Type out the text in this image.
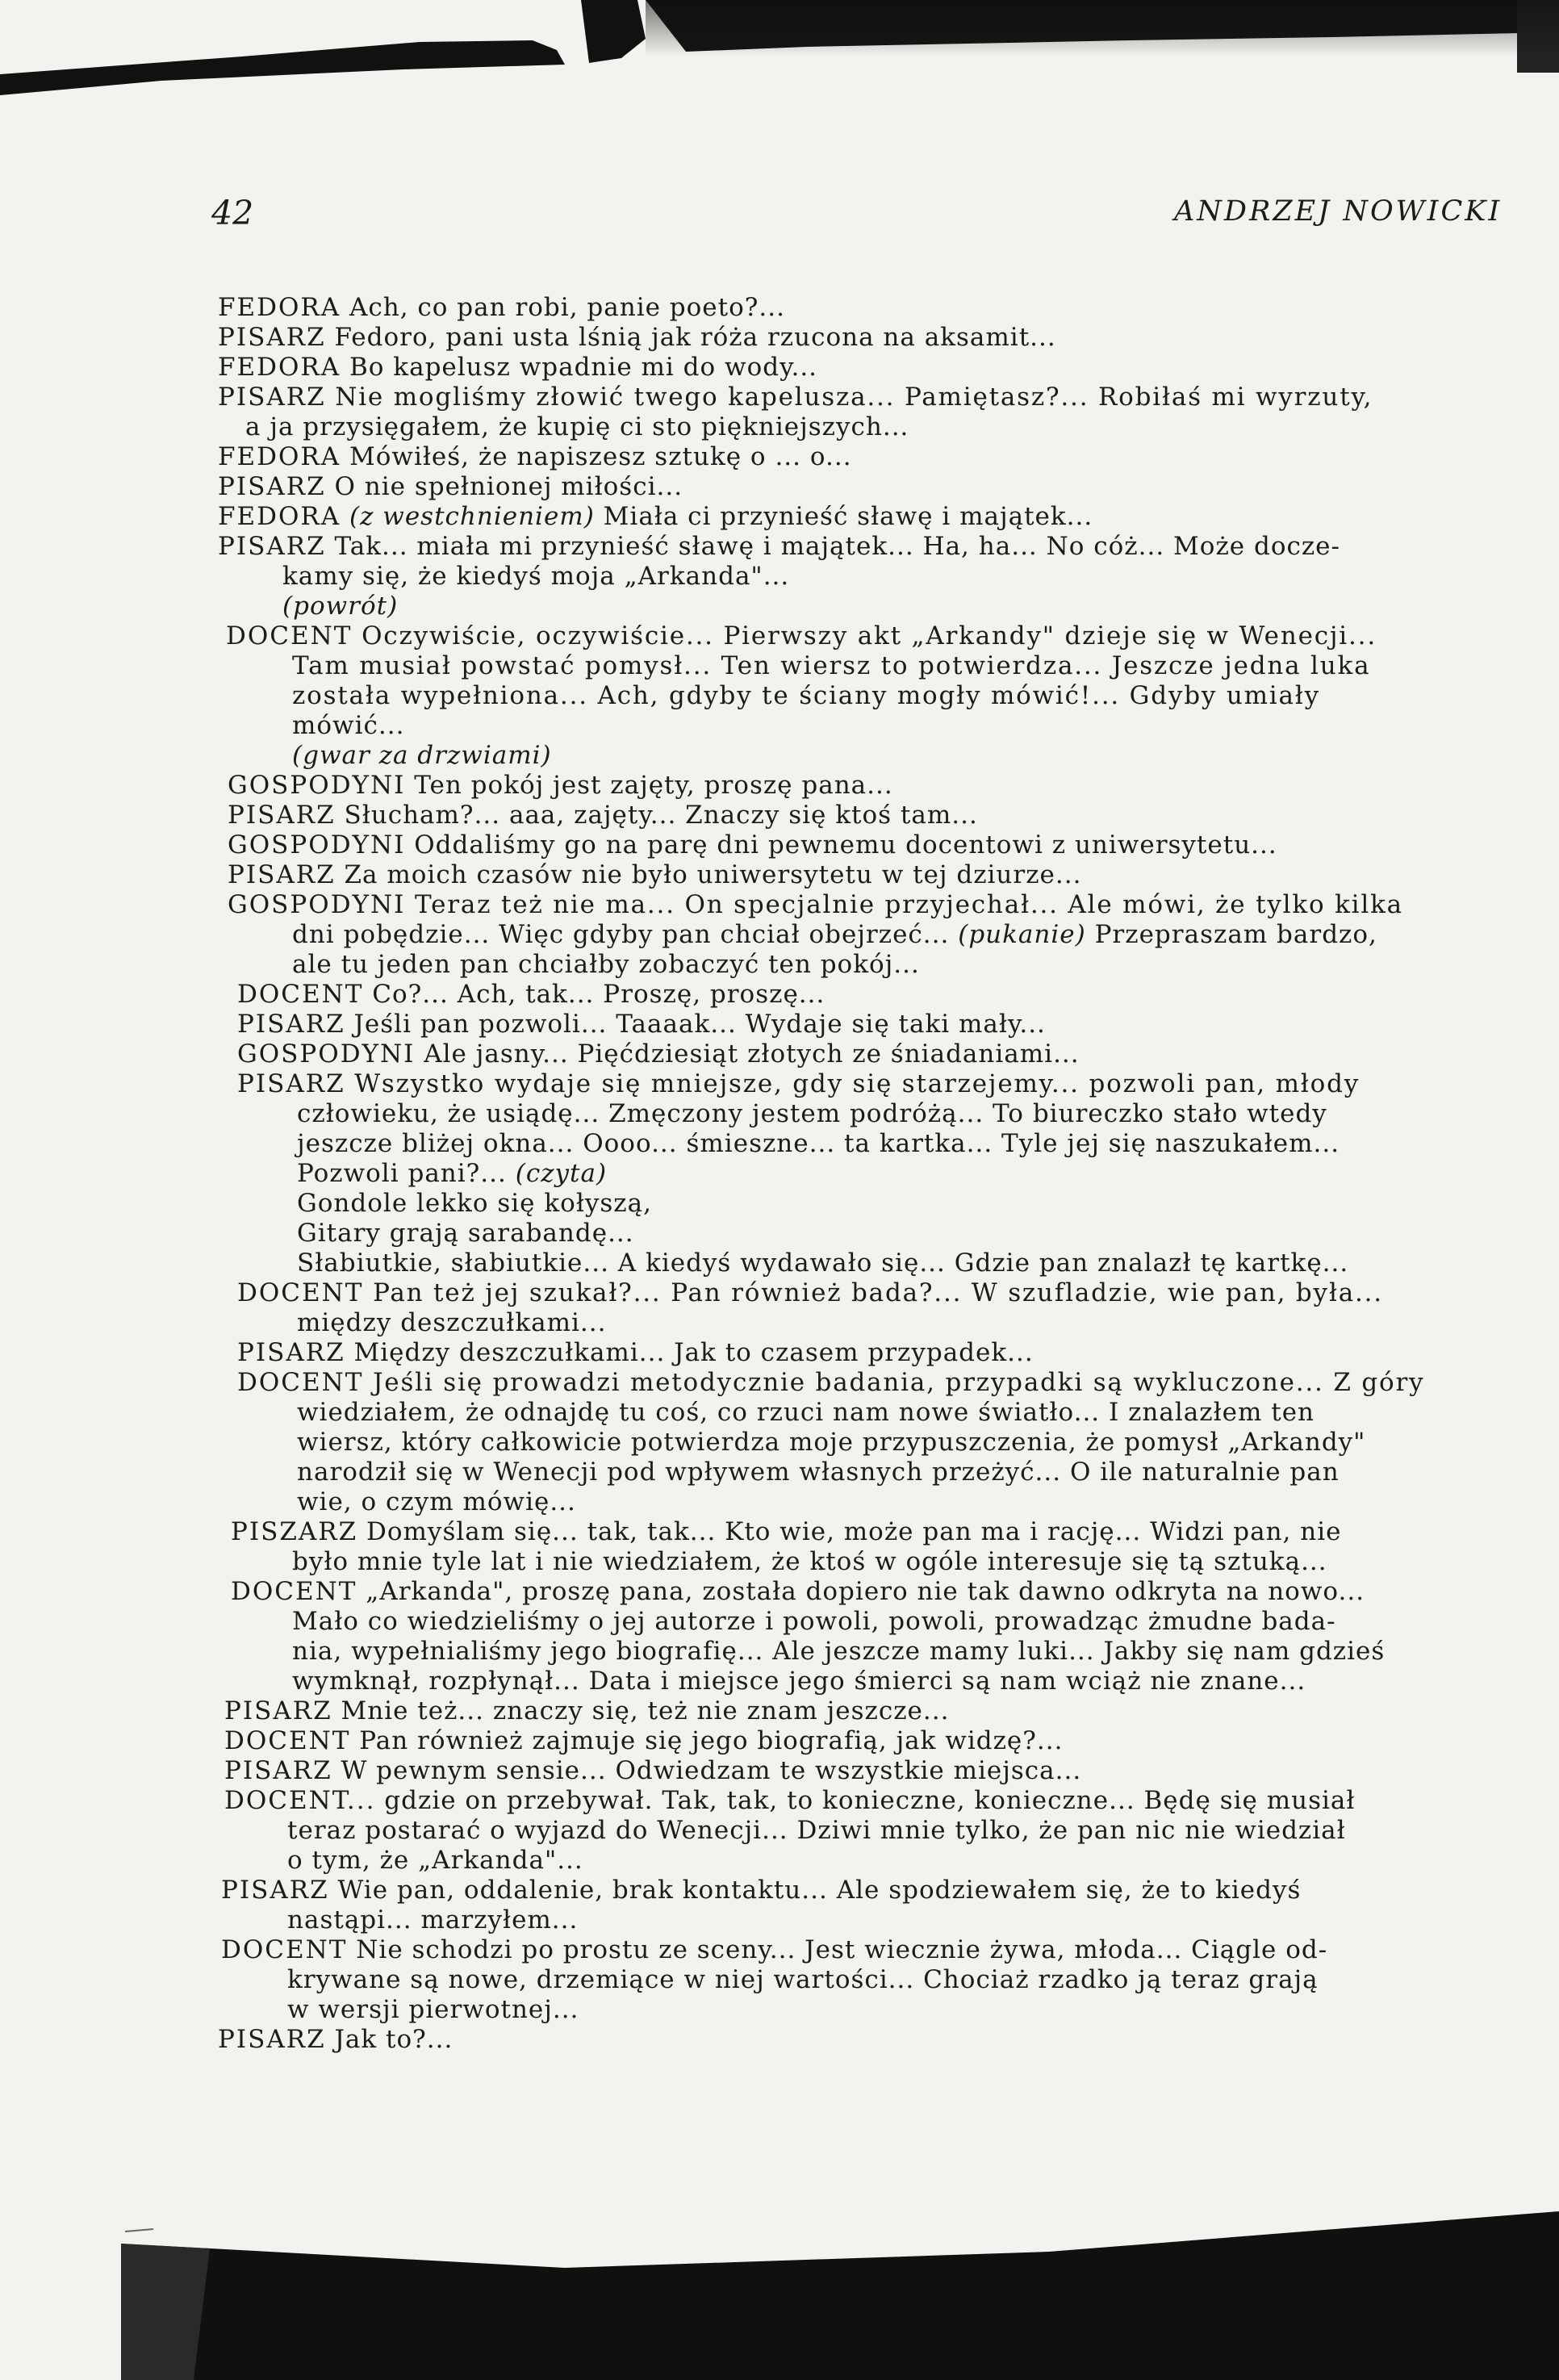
42	ANDRZEJ NOWICKI
FEDORA Ach, co pan robi, panie poeto?...
PISARZ Fedoro, pani usta lśnią jak róża rzucona na aksamit...
FEDORA Bo kapelusz wpadnie mi do wody...
PISARZ Nie mogliśmy złowić twego kapelusza... Pamiętasz?... Robiłaś mi wyrzuty,
a ja przysięgałem, że kupię ci sto piękniejszych...
FEDORA Mówiłeś, że napiszesz sztukę o ... o...
PISARZ O nie spełnionej miłości...
FEDORA (z westchnieniem) Miała ci przynieść sławę i majątek...
PISARZ Tak... miała mi przynieść sławę i majątek... Ha, ha... No cóż... Może docze-
kamy się, że kiedyś moja „Arkanda"...
(powrót)
DOCENT Oczywiście, oczywiście... Pierwszy akt „Arkandy" dzieje się w Wenecji...
Tam musiał powstać pomysł... Ten wiersz to potwierdza... Jeszcze jedna luka
została wypełniona... Ach, gdyby te ściany mogły mówić!... Gdyby umiały
mówić...
(gwar za drzwiami)
GOSPODYNI Ten pokój jest zajęty, proszę pana...
PISARZ Słucham?... aaa, zajęty... Znaczy się ktoś tam...
GOSPODYNI Oddaliśmy go na parę dni pewnemu docentowi z uniwersytetu...
PISARZ Za moich czasów nie było uniwersytetu w tej dziurze...
GOSPODYNI Teraz też nie ma... On specjalnie przyjechał... Ale mówi, że tylko kilka
dni pobędzie... Więc gdyby pan chciał obejrzeć... (pukanie) Przepraszam bardzo,
ale tu jeden pan chciałby zobaczyć ten pokój...
DOCENT Co?... Ach, tak... Proszę, proszę...
PISARZ Jeśli pan pozwoli... Taaaak... Wydaje się taki mały...
GOSPODYNI Ale jasny... Pięćdziesiąt złotych ze śniadaniami...
PISARZ Wszystko wydaje się mniejsze, gdy się starzejemy... pozwoli pan, młody
człowieku, że usiądę... Zmęczony jestem podróżą... To biureczko stało wtedy
jeszcze bliżej okna... Oooo... śmieszne... ta kartka... Tyle jej się naszukałem...
Pozwoli pani?... (czyta)
Gondole lekko się kołyszą,
Gitary grają sarabandę...
Słabiutkie, słabiutkie... A kiedyś wydawało się... Gdzie pan znalazł tę kartkę...
DOCENT Pan też jej szukał?... Pan również bada?... W szufladzie, wie pan, była...
między deszczułkami...
PISARZ Między deszczułkami... Jak to czasem przypadek...
DOCENT Jeśli się prowadzi metodycznie badania, przypadki są wykluczone... Z góry
wiedziałem, że odnajdę tu coś, co rzuci nam nowe światło... I znalazłem ten
wiersz, który całkowicie potwierdza moje przypuszczenia, że pomysł „Arkandy"
narodził się w Wenecji pod wpływem własnych przeżyć... O ile naturalnie pan
wie, o czym mówię...
PISZARZ Domyślam się... tak, tak... Kto wie, może pan ma i rację... Widzi pan, nie
było mnie tyle lat i nie wiedziałem, że ktoś w ogóle interesuje się tą sztuką...
DOCENT „Arkanda", proszę pana, została dopiero nie tak dawno odkryta na nowo...
Mało co wiedzieliśmy o jej autorze i powoli, powoli, prowadząc żmudne bada-
nia, wypełnialiśmy jego biografię... Ale jeszcze mamy luki... Jakby się nam gdzieś
wymknął, rozpłynął... Data i miejsce jego śmierci są nam wciąż nie znane...
PISARZ Mnie też... znaczy się, też nie znam jeszcze...
DOCENT Pan również zajmuje się jego biografią, jak widzę?...
PISARZ W pewnym sensie... Odwiedzam te wszystkie miejsca...
DOCENT... gdzie on przebywał. Tak, tak, to konieczne, konieczne... Będę się musiał
teraz postarać o wyjazd do Wenecji... Dziwi mnie tylko, że pan nic nie wiedział
o tym, że „Arkanda"...
PISARZ Wie pan, oddalenie, brak kontaktu... Ale spodziewałem się, że to kiedyś
nastąpi... marzyłem...
DOCENT Nie schodzi po prostu ze sceny... Jest wiecznie żywa, młoda... Ciągle od-
krywane są nowe, drzemiące w niej wartości... Chociaż rzadko ją teraz grają
w wersji pierwotnej...
PISARZ Jak to?...
